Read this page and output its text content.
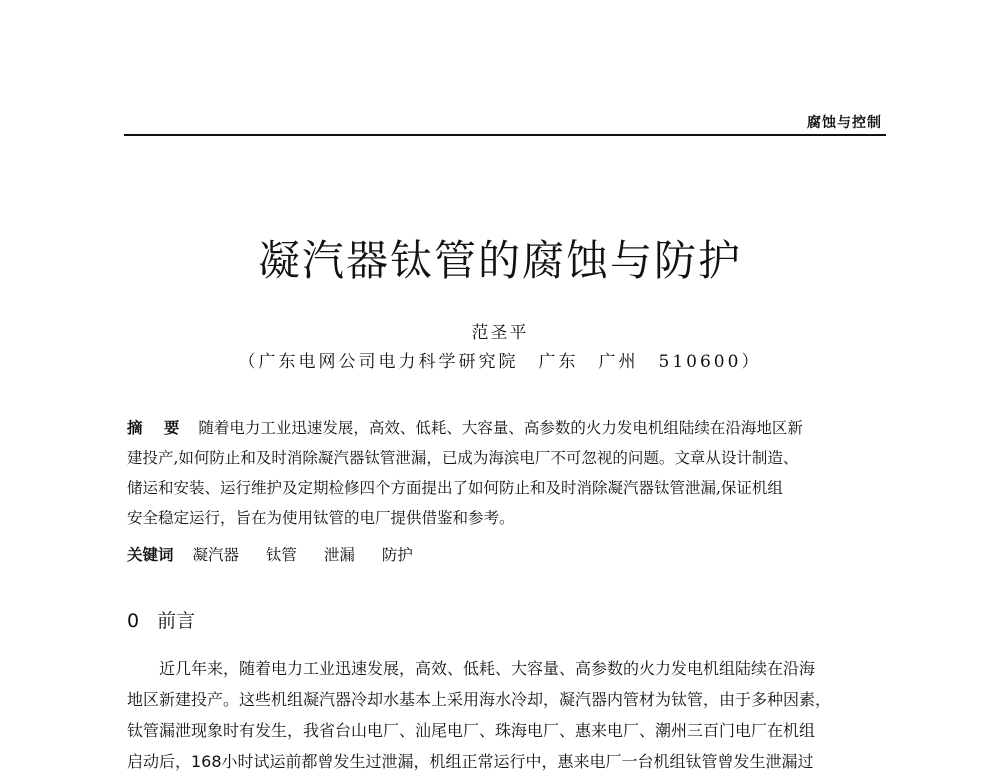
腐蚀与控制
凝汽器钛管的腐蚀与防护
范圣平
（广东电网公司电力科学研究院　广东　广州　510600）
摘 要 随着电力工业迅速发展，高效、低耗、大容量、高参数的火力发电机组陆续在沿海地区新
建投产,如何防止和及时消除凝汽器钛管泄漏，已成为海滨电厂不可忽视的问题。文章从设计制造、
储运和安装、运行维护及定期检修四个方面提出了如何防止和及时消除凝汽器钛管泄漏,保证机组
安全稳定运行，旨在为使用钛管的电厂提供借鉴和参考。
关键词 凝汽器 钛管 泄漏 防护
0 前言
近几年来，随着电力工业迅速发展，高效、低耗、大容量、高参数的火力发电机组陆续在沿海
地区新建投产。这些机组凝汽器冷却水基本上采用海水冷却，凝汽器内管材为钛管，由于多种因素，
钛管漏泄现象时有发生，我省台山电厂、汕尾电厂、珠海电厂、惠来电厂、潮州三百门电厂在机组
启动后，168小时试运前都曾发生过泄漏，机组正常运行中，惠来电厂一台机组钛管曾发生泄漏过
